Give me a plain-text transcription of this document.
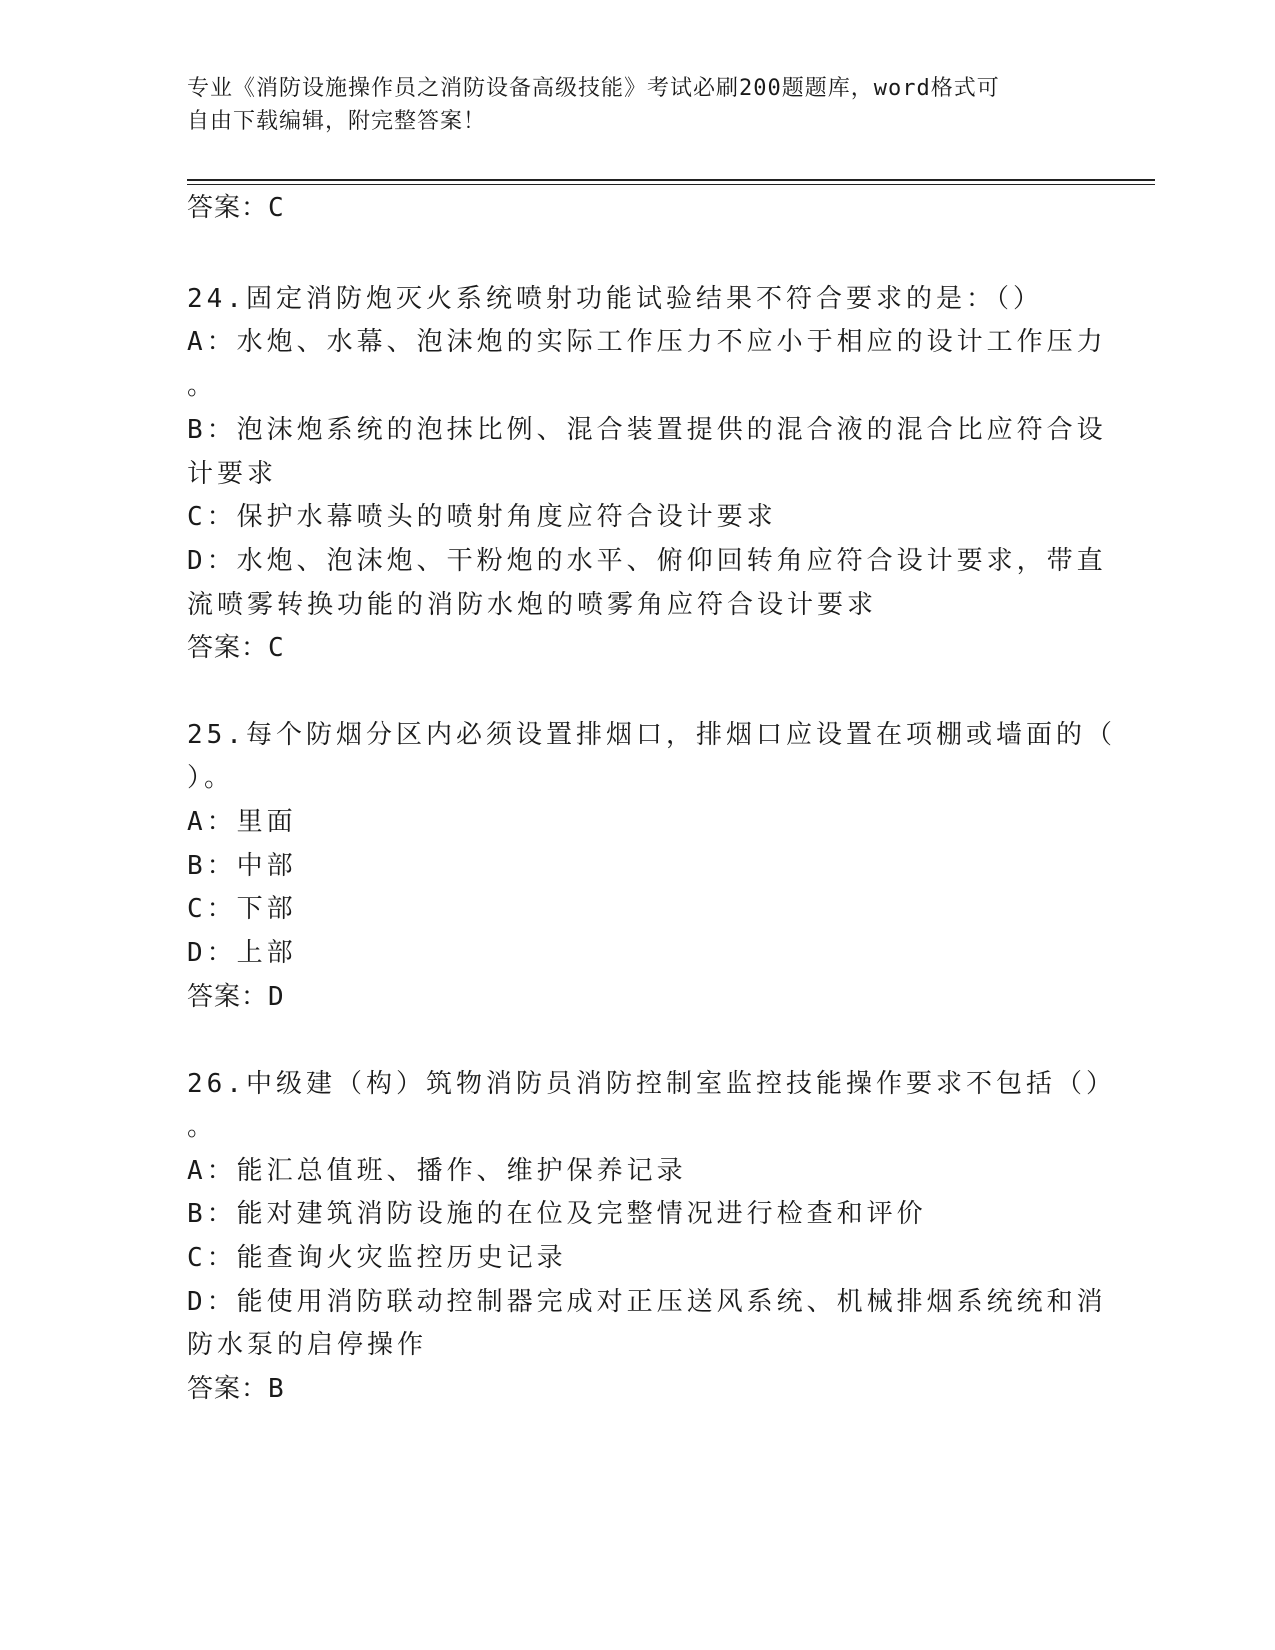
专业《消防设施操作员之消防设备高级技能》考试必刷200题题库，word格式可
自由下载编辑，附完整答案！
答案：C
24.固定消防炮灭火系统喷射功能试验结果不符合要求的是：（）
A：水炮、水幕、泡沫炮的实际工作压力不应小于相应的设计工作压力
。
B：泡沫炮系统的泡抹比例、混合装置提供的混合液的混合比应符合设
计要求
C：保护水幕喷头的喷射角度应符合设计要求
D：水炮、泡沫炮、干粉炮的水平、俯仰回转角应符合设计要求，带直
流喷雾转换功能的消防水炮的喷雾角应符合设计要求
答案：C
25.每个防烟分区内必须设置排烟口，排烟口应设置在项棚或墙面的（
）。
A：里面
B：中部
C：下部
D：上部
答案：D
26.中级建（构）筑物消防员消防控制室监控技能操作要求不包括（）
。
A：能汇总值班、播作、维护保养记录
B：能对建筑消防设施的在位及完整情况进行检查和评价
C：能查询火灾监控历史记录
D：能使用消防联动控制器完成对正压送风系统、机械排烟系统统和消
防水泵的启停操作
答案：B
